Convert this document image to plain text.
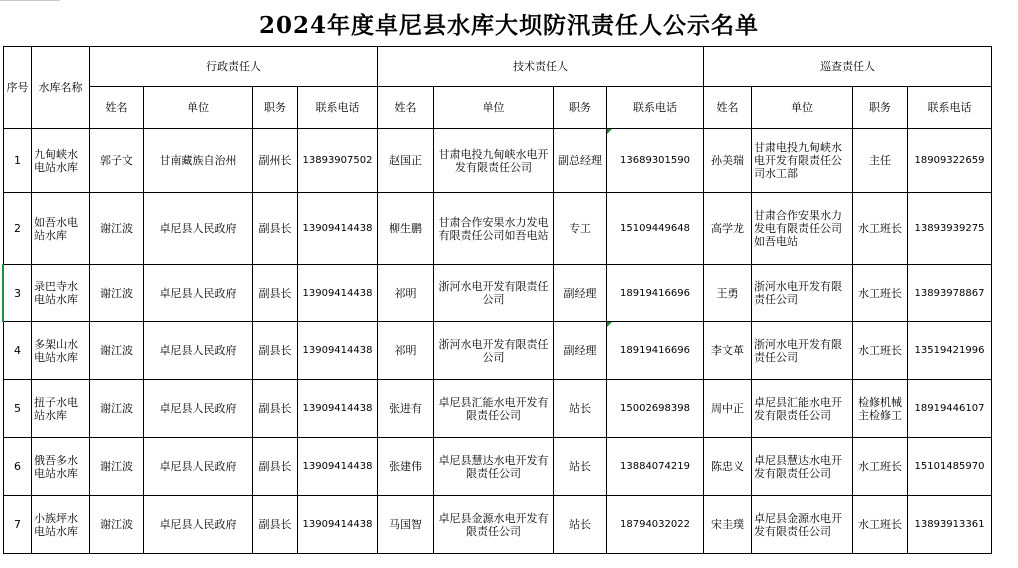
2024年度卓尼县水库大坝防汛责任人公示名单
序号	水库名称	行政责任人				技术责任人				巡查责任人			
		姓名	单位	职务	联系电话	姓名	单位	职务	联系电话	姓名	单位	职务	联系电话
1	九甸峡水电站水库	郭子文	甘南藏族自治州	副州长	13893907502	赵国正	甘肃电投九甸峡水电开发有限责任公司	副总经理	13689301590	孙美瑞	甘肃电投九甸峡水电开发有限责任公司水工部	主任	18909322659
2	如吾水电站水库	谢江波	卓尼县人民政府	副县长	13909414438	柳生鹏	甘肃合作安果水力发电有限责任公司如吾电站	专工	15109449648	高学龙	甘肃合作安果水力发电有限责任公司如吾电站	水工班长	13893939275
3	录巴寺水电站水库	谢江波	卓尼县人民政府	副县长	13909414438	祁明	浙河水电开发有限责任公司	副经理	18919416696	王勇	浙河水电开发有限责任公司	水工班长	13893978867
4	多架山水电站水库	谢江波	卓尼县人民政府	副县长	13909414438	祁明	浙河水电开发有限责任公司	副经理	18919416696	李文革	浙河水电开发有限责任公司	水工班长	13519421996
5	扭子水电站水库	谢江波	卓尼县人民政府	副县长	13909414438	张进有	卓尼县汇能水电开发有限责任公司	站长	15002698398	周中正	卓尼县汇能水电开发有限责任公司	检修机械主检修工	18919446107
6	俄吾多水电站水库	谢江波	卓尼县人民政府	副县长	13909414438	张建伟	卓尼县慧达水电开发有限责任公司	站长	13884074219	陈忠义	卓尼县慧达水电开发有限责任公司	水工班长	15101485970
7	小族坪水电站水库	谢江波	卓尼县人民政府	副县长	13909414438	马国智	卓尼县金源水电开发有限责任公司	站长	18794032022	宋圭璞	卓尼县金源水电开发有限责任公司	水工班长	13893913361
